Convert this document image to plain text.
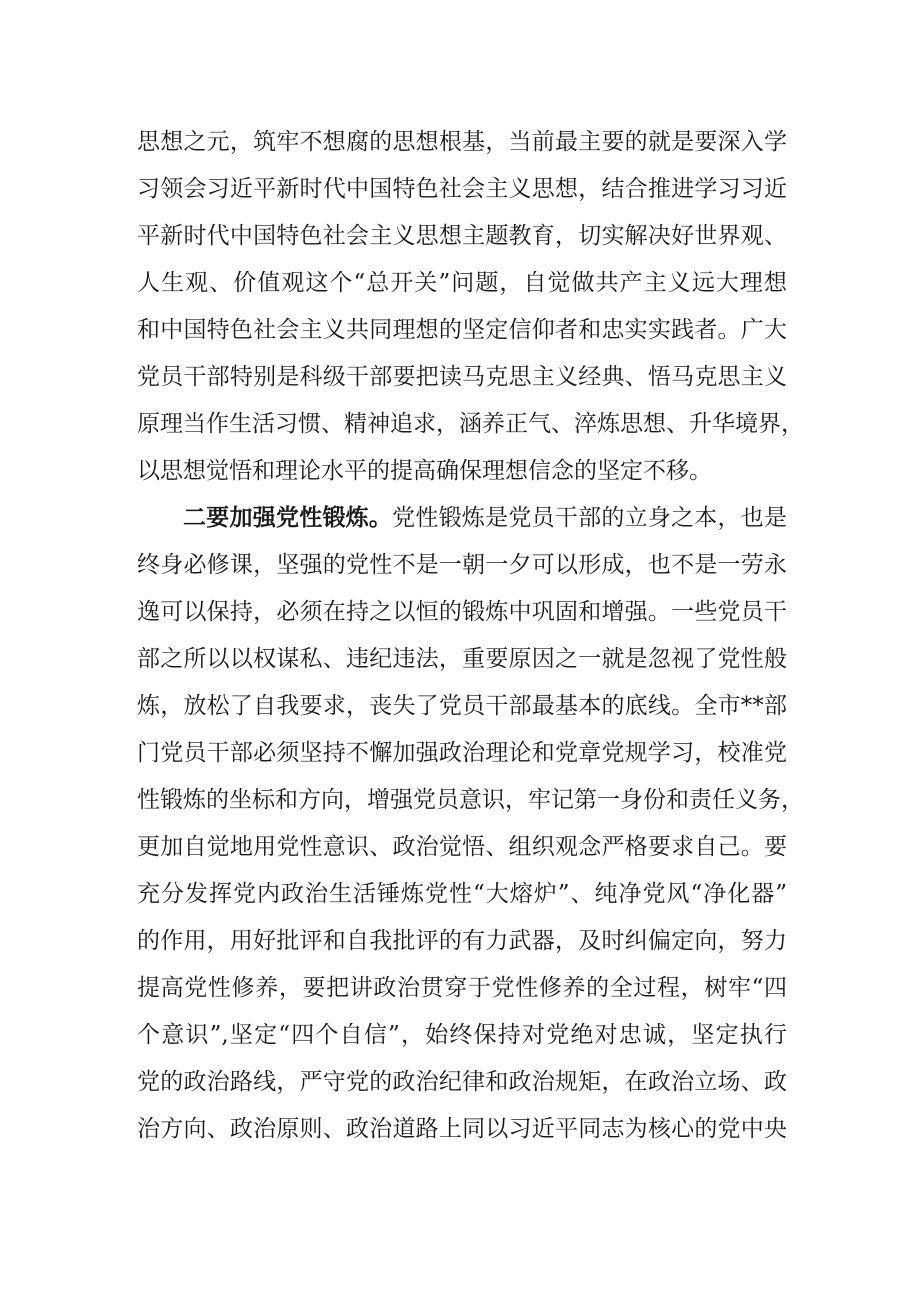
思想之元，筑牢不想腐的思想根基，当前最主要的就是要深入学
习领会习近平新时代中国特色社会主义思想，结合推进学习习近
平新时代中国特色社会主义思想主题教育，切实解决好世界观、
人生观、价值观这个“总开关”问题，自觉做共产主义远大理想
和中国特色社会主义共同理想的坚定信仰者和忠实实践者。广大
党员干部特别是科级干部要把读马克思主义经典、悟马克思主义
原理当作生活习惯、精神追求，涵养正气、淬炼思想、升华境界，
以思想觉悟和理论水平的提高确保理想信念的坚定不移。
二要加强党性锻炼。党性锻炼是党员干部的立身之本，也是
终身必修课，坚强的党性不是一朝一夕可以形成，也不是一劳永
逸可以保持，必须在持之以恒的锻炼中巩固和增强。一些党员干
部之所以以权谋私、违纪违法，重要原因之一就是忽视了党性般
炼，放松了自我要求，丧失了党员干部最基本的底线。全市**部
门党员干部必须坚持不懈加强政治理论和党章党规学习，校准党
性锻炼的坐标和方向，增强党员意识，牢记第一身份和责任义务，
更加自觉地用党性意识、政治觉悟、组织观念严格要求自己。要
充分发挥党内政治生活锤炼党性“大熔炉”、纯净党风“净化器”
的作用，用好批评和自我批评的有力武器，及时纠偏定向，努力
提高党性修养，要把讲政治贯穿于党性修养的全过程，树牢“四
个意识”,坚定“四个自信”，始终保持对党绝对忠诚，坚定执行
党的政治路线，严守党的政治纪律和政治规矩，在政治立场、政
治方向、政治原则、政治道路上同以习近平同志为核心的党中央
